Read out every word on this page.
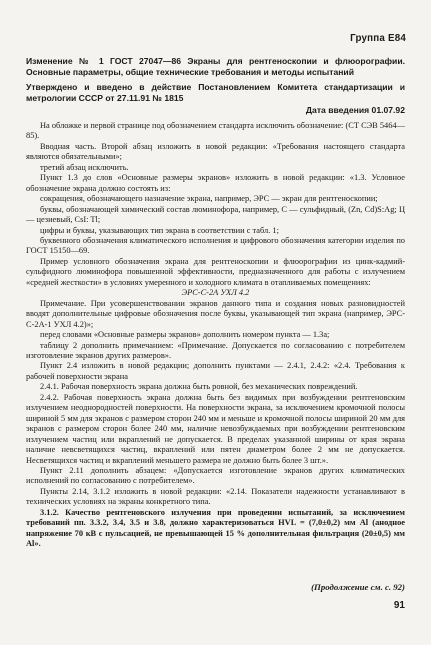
Группа Е84
Изменение № 1 ГОСТ 27047—86 Экраны для рентгеноскопии и флюорографии. Основные параметры, общие технические требования и методы испытаний
Утверждено и введено в действие Постановлением Комитета стандартизации и метрологии СССР от 27.11.91 № 1815
Дата введения 01.07.92

На обложке и первой странице под обозначением стандарта исключить обозначение: (СТ СЭВ 5464—85).

Вводная часть. Второй абзац изложить в новой редакции: «Требования настоящего стандарта являются обязательными»;

третий абзац исключить.

Пункт 1.3 до слов «Основные размеры экранов» изложить в новой редакции: «1.3. Условное обозначение экрана должно состоять из:

сокращения, обозначающего назначение экрана, например, ЭРС — экран для рентгеноскопии;

буквы, обозначающей химический состав люминофора, например, С — сульфидный, (Zn, Cd)S:Ag; Ц — цезиевый, CsI: Tl;

цифры и буквы, указывающих тип экрана в соответствии с табл. 1;

буквенного обозначения климатического исполнения и цифрового обозначения категории изделия по ГОСТ 15150—69.

Пример условного обозначения экрана для рентгеноскопии и флюорографии из цинк-кадмий-сульфидного люминофора повышенной эффективности, предназначенного для работы с излучением «средней жесткости» в условиях умеренного и холодного климата в отапливаемых помещениях:

ЭРС-С-2А УХЛ 4.2

Примечание. При усовершенствовании экранов данного типа и создания новых разновидностей вводят дополнительные цифровые обозначения после буквы, указывающей тип экрана (например, ЭРС-С-2А-1 УХЛ 4.2)»;

перед словами «Основные размеры экранов» дополнить номером пункта — 1.3а;

таблицу 2 дополнить примечанием: «Примечание. Допускается по согласованию с потребителем изготовление экранов других размеров».

Пункт 2.4 изложить в новой редакции; дополнить пунктами — 2.4.1, 2.4.2: «2.4. Требования к рабочей поверхности экрана

2.4.1. Рабочая поверхность экрана должна быть ровной, без механических повреждений.

2.4.2. Рабочая поверхность экрана должна быть без видимых при возбуждении рентгеновским излучением неоднородностей поверхности. На поверхности экрана, за исключением кромочной полосы шириной 5 мм для экранов с размером сторон 240 мм и меньше и кромочной полосы шириной 20 мм для экранов с размером сторон более 240 мм, наличие невозбуждаемых при возбуждении рентгеновским излучением частиц или вкраплений не допускается. В пределах указанной ширины от края экрана наличие невсветящихся частиц, вкраплений или пятен диаметром более 2 мм не допускается. Несветящихся частиц и вкраплений меньшего размера не должно быть более 3 шт.».

Пункт 2.11 дополнить абзацем: «Допускается изготовление экранов других климатических исполнений по согласованию с потребителем».

Пункты 2.14, 3.1.2 изложить в новой редакции: «2.14. Показатели надежности устанавливают в технических условиях на экраны конкретного типа.

3.1.2. Качество рентгеновского излучения при проведении испытаний, за исключением требований пп. 3.3.2, 3.4, 3.5 и 3.8, должно характеризоваться HVL = (7,0±0,2) мм Al (анодное напряжение 70 кВ с пульсацией, не превышающей 15 % дополнительная фильтрация (20±0,5) мм Al».

(Продолжение см. с. 92)
91
